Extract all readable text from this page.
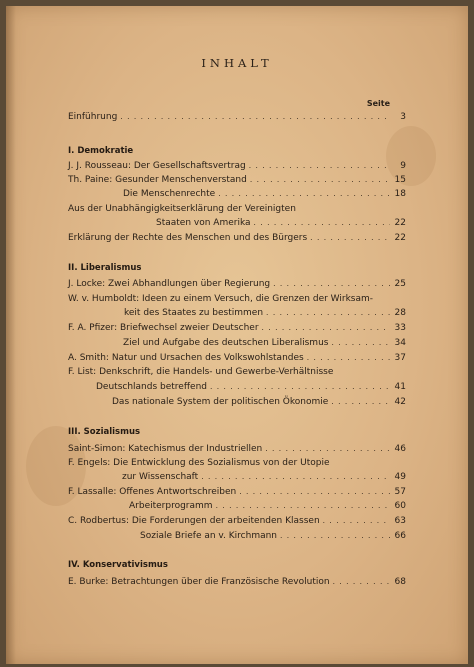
INHALT
Seite
Einführung . . .	3
I. Demokratie
J. J. Rousseau: Der Gesellschaftsvertrag . . .	9
Th. Paine: Gesunder Menschenverstand . . .	15
Die Menschenrechte . . .	18
Aus der Unabhängigkeitserklärung der Vereinigten
Staaten von Amerika . . .	22
Erklärung der Rechte des Menschen und des Bürgers . . .	22
II. Liberalismus
J. Locke: Zwei Abhandlungen über Regierung . . .	25
W. v. Humboldt: Ideen zu einem Versuch, die Grenzen der Wirksam-
keit des Staates zu bestimmen . . .	28
F. A. Pfizer: Briefwechsel zweier Deutscher . . .	33
Ziel und Aufgabe des deutschen Liberalismus . . .	34
A. Smith: Natur und Ursachen des Volkswohlstandes . . .	37
F. List: Denkschrift, die Handels- und Gewerbe-Verhältnisse
Deutschlands betreffend . . .	41
Das nationale System der politischen Ökonomie . . .	42
III. Sozialismus
Saint-Simon: Katechismus der Industriellen . . .	46
F. Engels: Die Entwicklung des Sozialismus von der Utopie
zur Wissenschaft . . .	49
F. Lassalle: Offenes Antwortschreiben . . .	57
Arbeiterprogramm . . .	60
C. Rodbertus: Die Forderungen der arbeitenden Klassen . . .	63
Soziale Briefe an v. Kirchmann . . .	66
IV. Konservativismus
E. Burke: Betrachtungen über die Französische Revolution . . .	68
